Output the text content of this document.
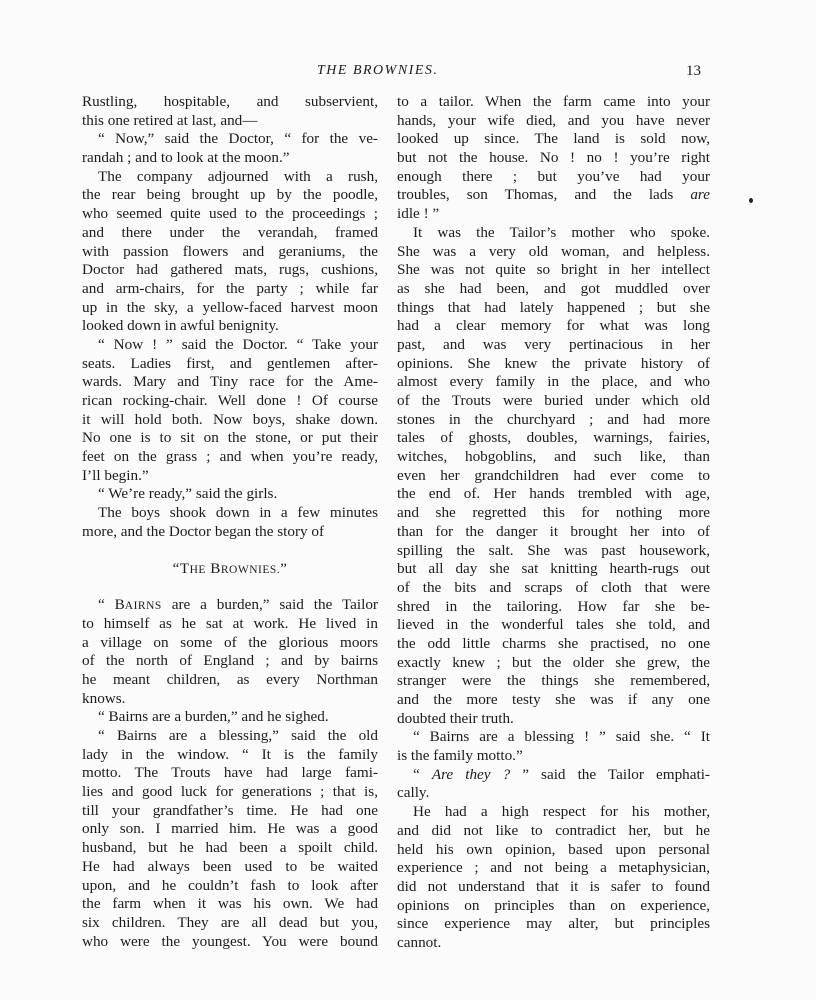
THE BROWNIES.	13
Rustling, hospitable, and subservient,
this one retired at last, and—
“ Now,” said the Doctor, “ for the ve-
randah ; and to look at the moon.”
The company adjourned with a rush,
the rear being brought up by the poodle,
who seemed quite used to the proceedings ;
and there under the verandah, framed
with passion flowers and geraniums, the
Doctor had gathered mats, rugs, cushions,
and arm-chairs, for the party ; while far
up in the sky, a yellow-faced harvest moon
looked down in awful benignity.
“ Now ! ” said the Doctor. “ Take your
seats. Ladies first, and gentlemen after-
wards. Mary and Tiny race for the Ame-
rican rocking-chair. Well done ! Of course
it will hold both. Now boys, shake down.
No one is to sit on the stone, or put their
feet on the grass ; and when you’re ready,
I’ll begin.”
“ We’re ready,” said the girls.
The boys shook down in a few minutes
more, and the Doctor began the story of
“THE BROWNIES.”
“ BAIRNS are a burden,” said the Tailor
to himself as he sat at work. He lived in
a village on some of the glorious moors
of the north of England ; and by bairns
he meant children, as every Northman
knows.
“ Bairns are a burden,” and he sighed.
“ Bairns are a blessing,” said the old
lady in the window. “ It is the family
motto. The Trouts have had large fami-
lies and good luck for generations ; that is,
till your grandfather’s time. He had one
only son. I married him. He was a good
husband, but he had been a spoilt child.
He had always been used to be waited
upon, and he couldn’t fash to look after
the farm when it was his own. We had
six children. They are all dead but you,
who were the youngest. You were bound
to a tailor. When the farm came into your
hands, your wife died, and you have never
looked up since. The land is sold now,
but not the house. No ! no ! you’re right
enough there ; but you’ve had your
troubles, son Thomas, and the lads are
idle ! ”
It was the Tailor’s mother who spoke.
She was a very old woman, and helpless.
She was not quite so bright in her intellect
as she had been, and got muddled over
things that had lately happened ; but she
had a clear memory for what was long
past, and was very pertinacious in her
opinions. She knew the private history of
almost every family in the place, and who
of the Trouts were buried under which old
stones in the churchyard ; and had more
tales of ghosts, doubles, warnings, fairies,
witches, hobgoblins, and such like, than
even her grandchildren had ever come to
the end of. Her hands trembled with age,
and she regretted this for nothing more
than for the danger it brought her into of
spilling the salt. She was past housework,
but all day she sat knitting hearth-rugs out
of the bits and scraps of cloth that were
shred in the tailoring. How far she be-
lieved in the wonderful tales she told, and
the odd little charms she practised, no one
exactly knew ; but the older she grew, the
stranger were the things she remembered,
and the more testy she was if any one
doubted their truth.
“ Bairns are a blessing ! ” said she. “ It
is the family motto.”
“ Are they ? ” said the Tailor emphati-
cally.
He had a high respect for his mother,
and did not like to contradict her, but he
held his own opinion, based upon personal
experience ; and not being a metaphysician,
did not understand that it is safer to found
opinions on principles than on experience,
since experience may alter, but principles
cannot.
